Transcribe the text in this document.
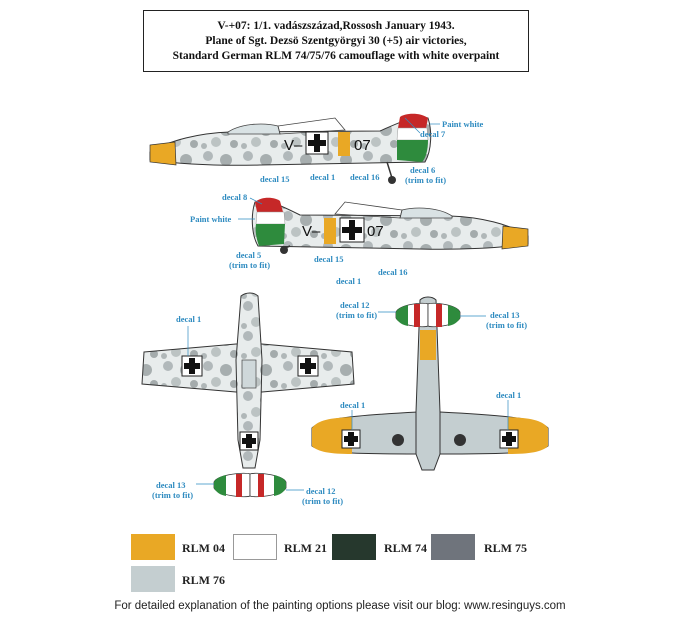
V-+07: 1/1. vadászszázad,Rossosh January 1943.
Plane of Sgt. Dezsö Szentgyörgyi 30 (+5) air victories,
Standard German RLM 74/75/76 camouflage with white overpaint
V–	07
decal 7
Paint white
decal 6
(trim to fit)
decal 15 decal 1 decal 16
V–	07
decal 8
Paint white
decal 5
(trim to fit)
decal 15
decal 1
decal 16
decal 1
decal 13
(trim to fit)	decal 12
(trim to fit)
decal 12
(trim to fit)	decal 13
(trim to fit)
decal 1
decal 1
RLM 04	RLM 21	RLM 74	RLM 75
RLM 76
For detailed explanation of the painting options please visit our blog: www.resinguys.com
